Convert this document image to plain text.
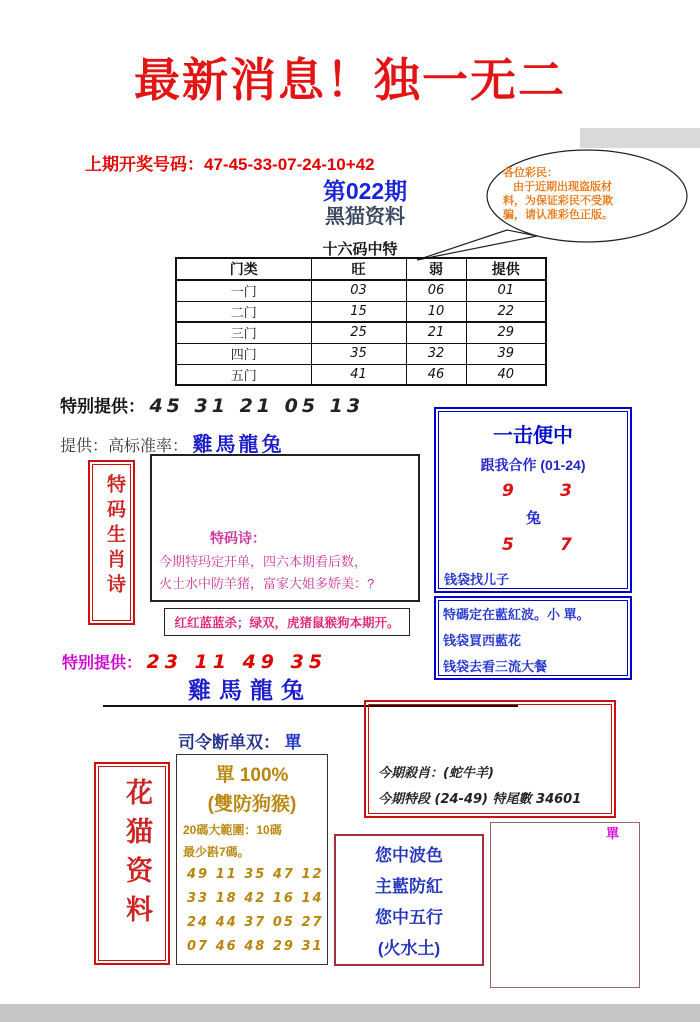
最新消息！独一无二
上期开奖号码：47-45-33-07-24-10+42
第022期
黑猫资料
各位彩民：
由于近期出现盗版材
料，为保证彩民不受欺
骗，请认准彩色正版。
十六码中特
门类	旺	弱	提供
一门	03	06	01
二门	15	10	22
三门	25	21	29
四门	35	32	39
五门	41	46	40
特别提供： 45 31 21 05 13
提供：高标准率： 雞馬龍兔
特码生肖诗	特码诗：
今期特玛定开单，四六本期看后数，
火土水中防羊猪，富家大姐多娇美：?
红红蓝蓝杀；绿双，虎猪鼠猴狗本期开。
特别提供： 23 11 49 35
雞馬龍兔
一击便中
跟我合作 (01-24)
9	3
兔
5	7
钱袋找儿子
特碼定在藍紅波。小 單。
钱袋買西藍花
钱袋去看三流大餐
今期殺肖：(蛇牛羊)
今期特段 (24-49) 特尾數 34601
司令断单双： 單
單 100%
(雙防狗猴)
20碼大範圍：10碼
最少斟7碼。
49 11 35 47 12
33 18 42 16 14
24 44 37 05 27
07 46 48 29 31
花猫资料	您中波色
主藍防紅
您中五行
(火水土)
單
